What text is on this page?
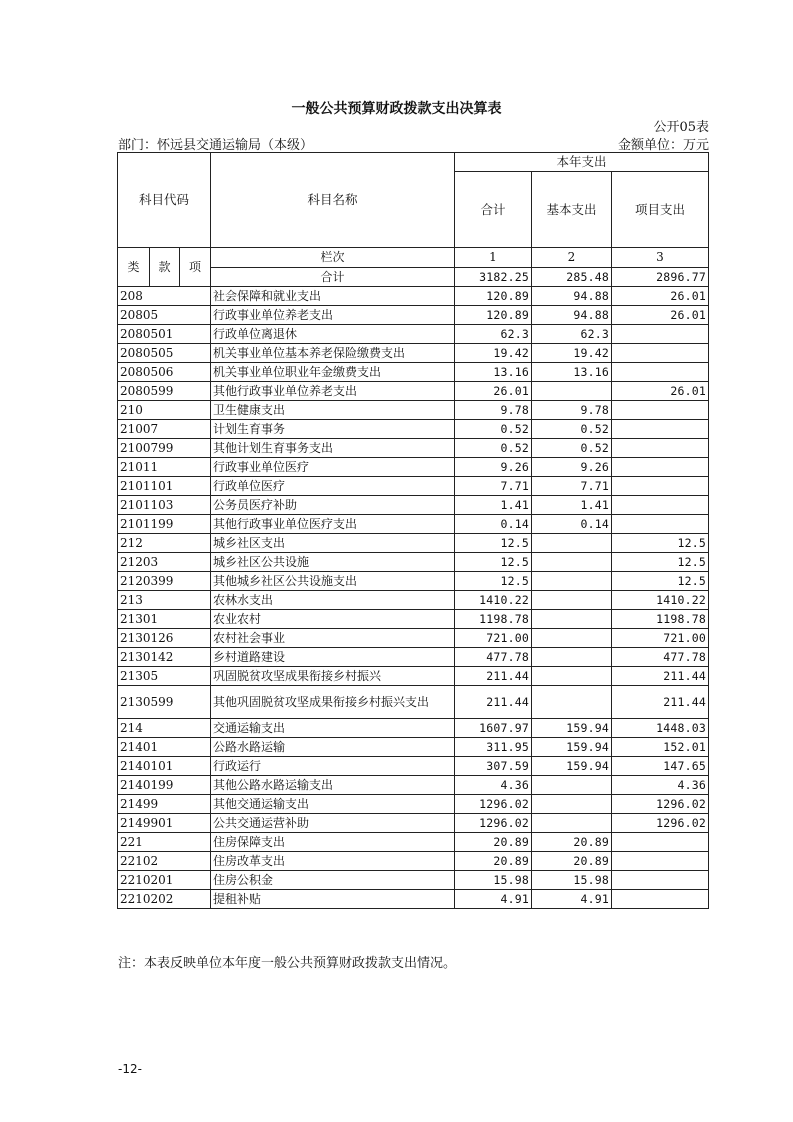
一般公共预算财政拨款支出决算表
公开05表
部门：怀远县交通运输局（本级）	金额单位：万元
科目代码			科目名称	本年支出		
				合计	基本支出	项目支出

类	款	项	栏次	1	2	3
			合计	3182.25	285.48	2896.77
208			社会保障和就业支出	120.89	94.88	26.01
20805			行政事业单位养老支出	120.89	94.88	26.01
2080501			行政单位离退休	62.3	62.3	
2080505			机关事业单位基本养老保险缴费支出	19.42	19.42	
2080506			机关事业单位职业年金缴费支出	13.16	13.16	
2080599			其他行政事业单位养老支出	26.01		26.01
210			卫生健康支出	9.78	9.78	
21007			计划生育事务	0.52	0.52	
2100799			其他计划生育事务支出	0.52	0.52	
21011			行政事业单位医疗	9.26	9.26	
2101101			行政单位医疗	7.71	7.71	
2101103			公务员医疗补助	1.41	1.41	
2101199			其他行政事业单位医疗支出	0.14	0.14	
212			城乡社区支出	12.5		12.5
21203			城乡社区公共设施	12.5		12.5
2120399			其他城乡社区公共设施支出	12.5		12.5
213			农林水支出	1410.22		1410.22
21301			农业农村	1198.78		1198.78
2130126			农村社会事业	721.00		721.00
2130142			乡村道路建设	477.78		477.78
21305			巩固脱贫攻坚成果衔接乡村振兴	211.44		211.44
2130599			其他巩固脱贫攻坚成果衔接乡村振兴支出	211.44		211.44
214			交通运输支出	1607.97	159.94	1448.03
21401			公路水路运输	311.95	159.94	152.01
2140101			行政运行	307.59	159.94	147.65
2140199			其他公路水路运输支出	4.36		4.36
21499			其他交通运输支出	1296.02		1296.02
2149901			公共交通运营补助	1296.02		1296.02
221			住房保障支出	20.89	20.89	
22102			住房改革支出	20.89	20.89	
2210201			住房公积金	15.98	15.98	
2210202			提租补贴	4.91	4.91	
注：本表反映单位本年度一般公共预算财政拨款支出情况。
-12-
